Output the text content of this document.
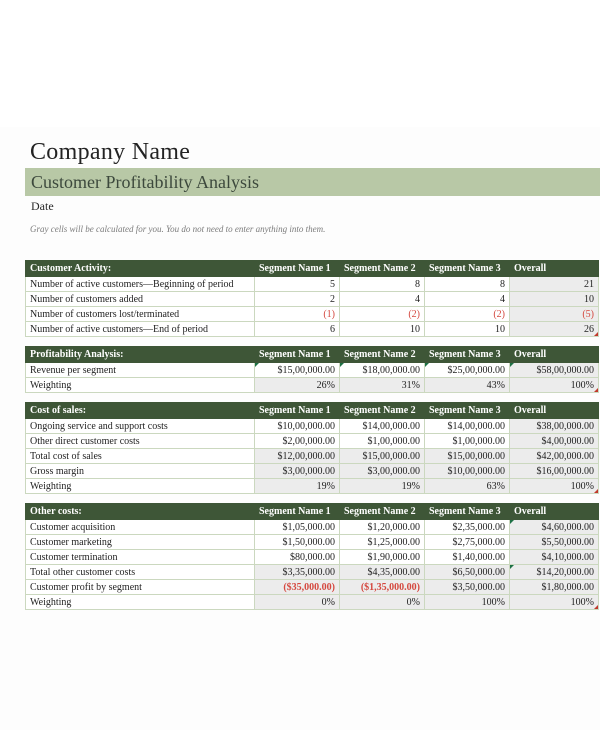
Company Name
Customer Profitability Analysis
Date
Gray cells will be calculated for you. You do not need to enter anything into them.
Customer Activity:	Segment Name 1	Segment Name 2	Segment Name 3	Overall
Number of active customers—Beginning of period	5	8	8	21
Number of customers added	2	4	4	10
Number of customers lost/terminated	(1)	(2)	(2)	(5)
Number of active customers—End of period	6	10	10	26
Profitability Analysis:	Segment Name 1	Segment Name 2	Segment Name 3	Overall
Revenue per segment	$15,00,000.00	$18,00,000.00	$25,00,000.00	$58,00,000.00
Weighting	26%	31%	43%	100%
Cost of sales:	Segment Name 1	Segment Name 2	Segment Name 3	Overall
Ongoing service and support costs	$10,00,000.00	$14,00,000.00	$14,00,000.00	$38,00,000.00
Other direct customer costs	$2,00,000.00	$1,00,000.00	$1,00,000.00	$4,00,000.00
Total cost of sales	$12,00,000.00	$15,00,000.00	$15,00,000.00	$42,00,000.00
Gross margin	$3,00,000.00	$3,00,000.00	$10,00,000.00	$16,00,000.00
Weighting	19%	19%	63%	100%
Other costs:	Segment Name 1	Segment Name 2	Segment Name 3	Overall
Customer acquisition	$1,05,000.00	$1,20,000.00	$2,35,000.00	$4,60,000.00
Customer marketing	$1,50,000.00	$1,25,000.00	$2,75,000.00	$5,50,000.00
Customer termination	$80,000.00	$1,90,000.00	$1,40,000.00	$4,10,000.00
Total other customer costs	$3,35,000.00	$4,35,000.00	$6,50,000.00	$14,20,000.00
Customer profit by segment	($35,000.00)	($1,35,000.00)	$3,50,000.00	$1,80,000.00
Weighting	0%	0%	100%	100%
